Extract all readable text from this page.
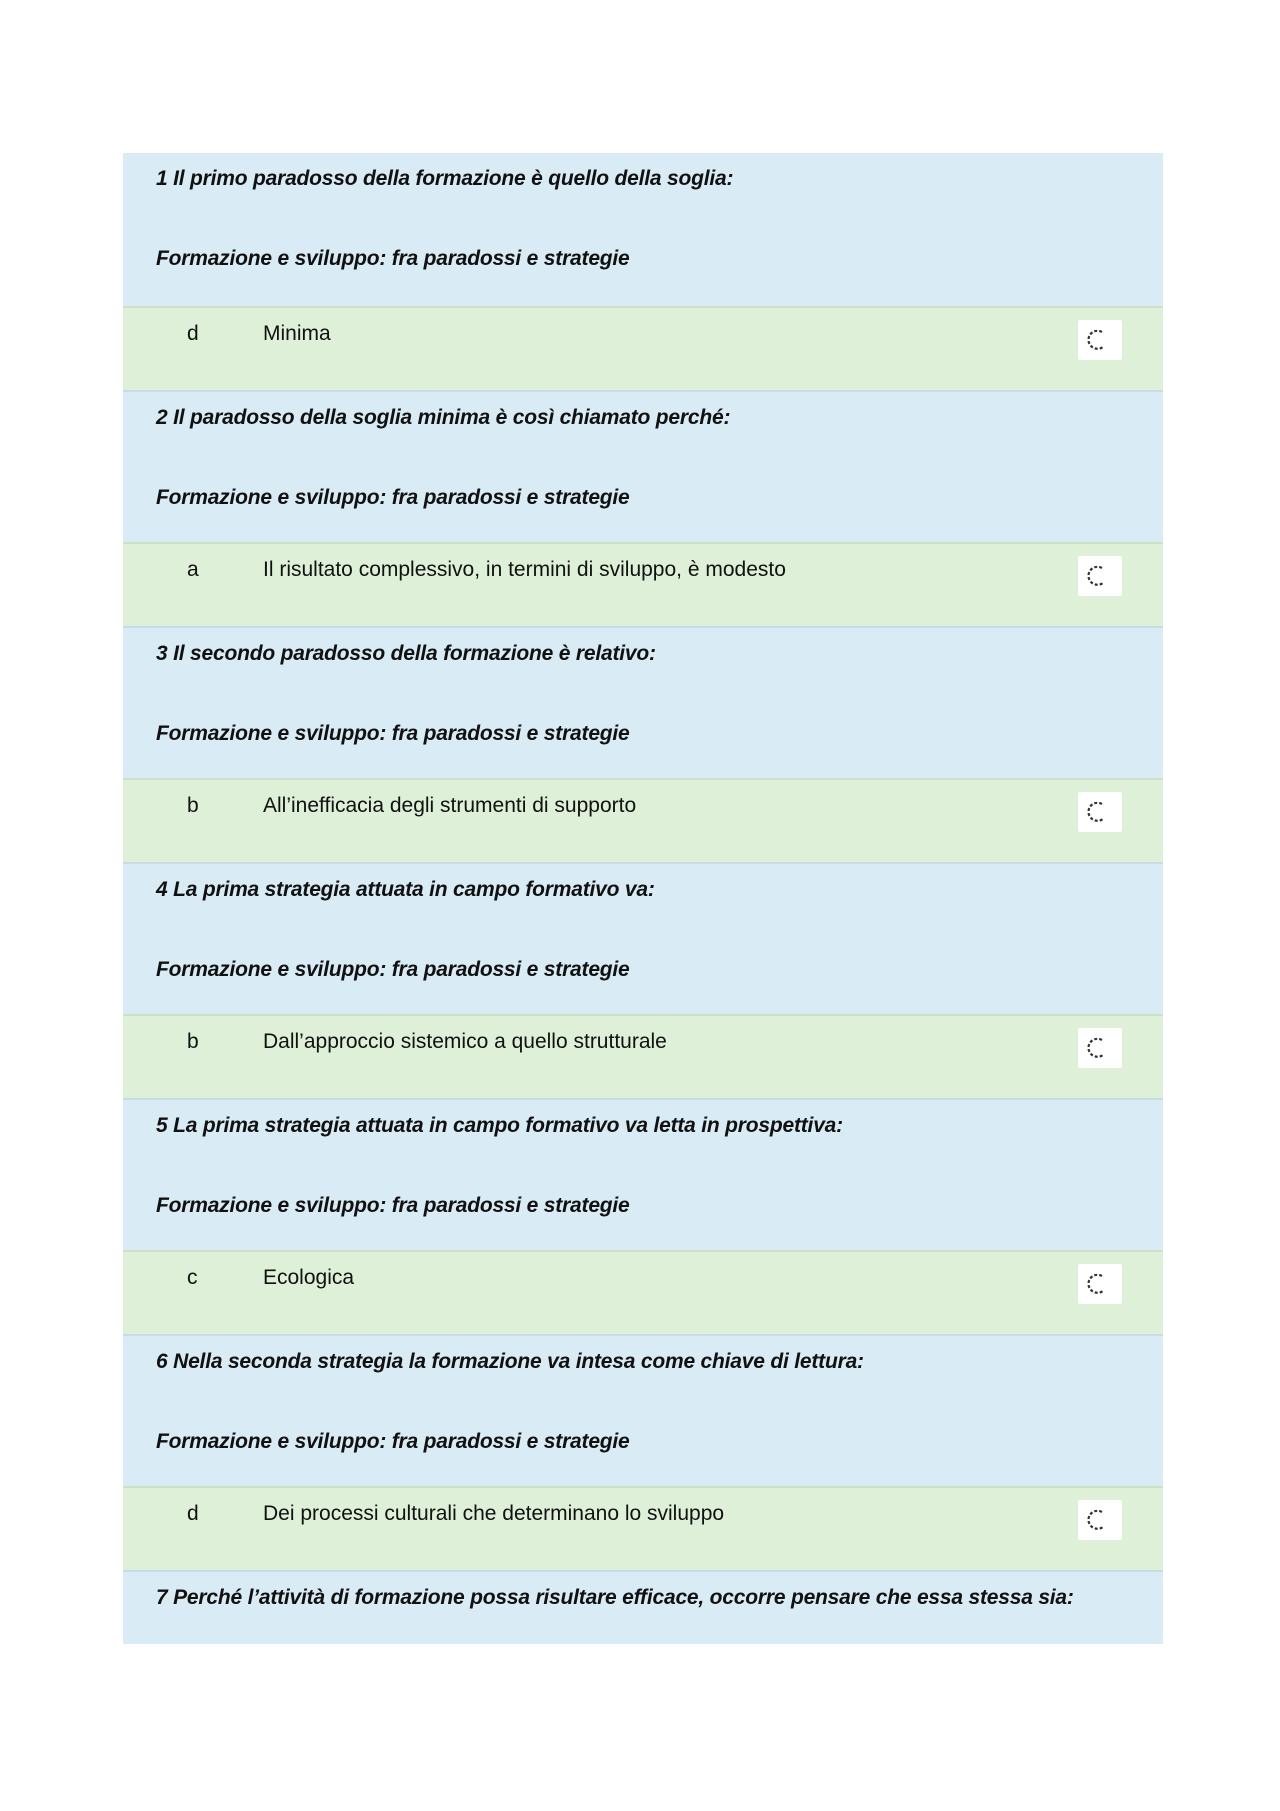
1 Il primo paradosso della formazione è quello della soglia:
Formazione e sviluppo: fra paradossi e strategie
d	Minima
2 Il paradosso della soglia minima è così chiamato perché:
Formazione e sviluppo: fra paradossi e strategie
a	Il risultato complessivo, in termini di sviluppo, è modesto
3 Il secondo paradosso della formazione è relativo:
Formazione e sviluppo: fra paradossi e strategie
b	All’inefficacia degli strumenti di supporto
4 La prima strategia attuata in campo formativo va:
Formazione e sviluppo: fra paradossi e strategie
b	Dall’approccio sistemico a quello strutturale
5 La prima strategia attuata in campo formativo va letta in prospettiva:
Formazione e sviluppo: fra paradossi e strategie
c	Ecologica
6 Nella seconda strategia la formazione va intesa come chiave di lettura:
Formazione e sviluppo: fra paradossi e strategie
d	Dei processi culturali che determinano lo sviluppo
7 Perché l’attività di formazione possa risultare efficace, occorre pensare che essa stessa sia:
